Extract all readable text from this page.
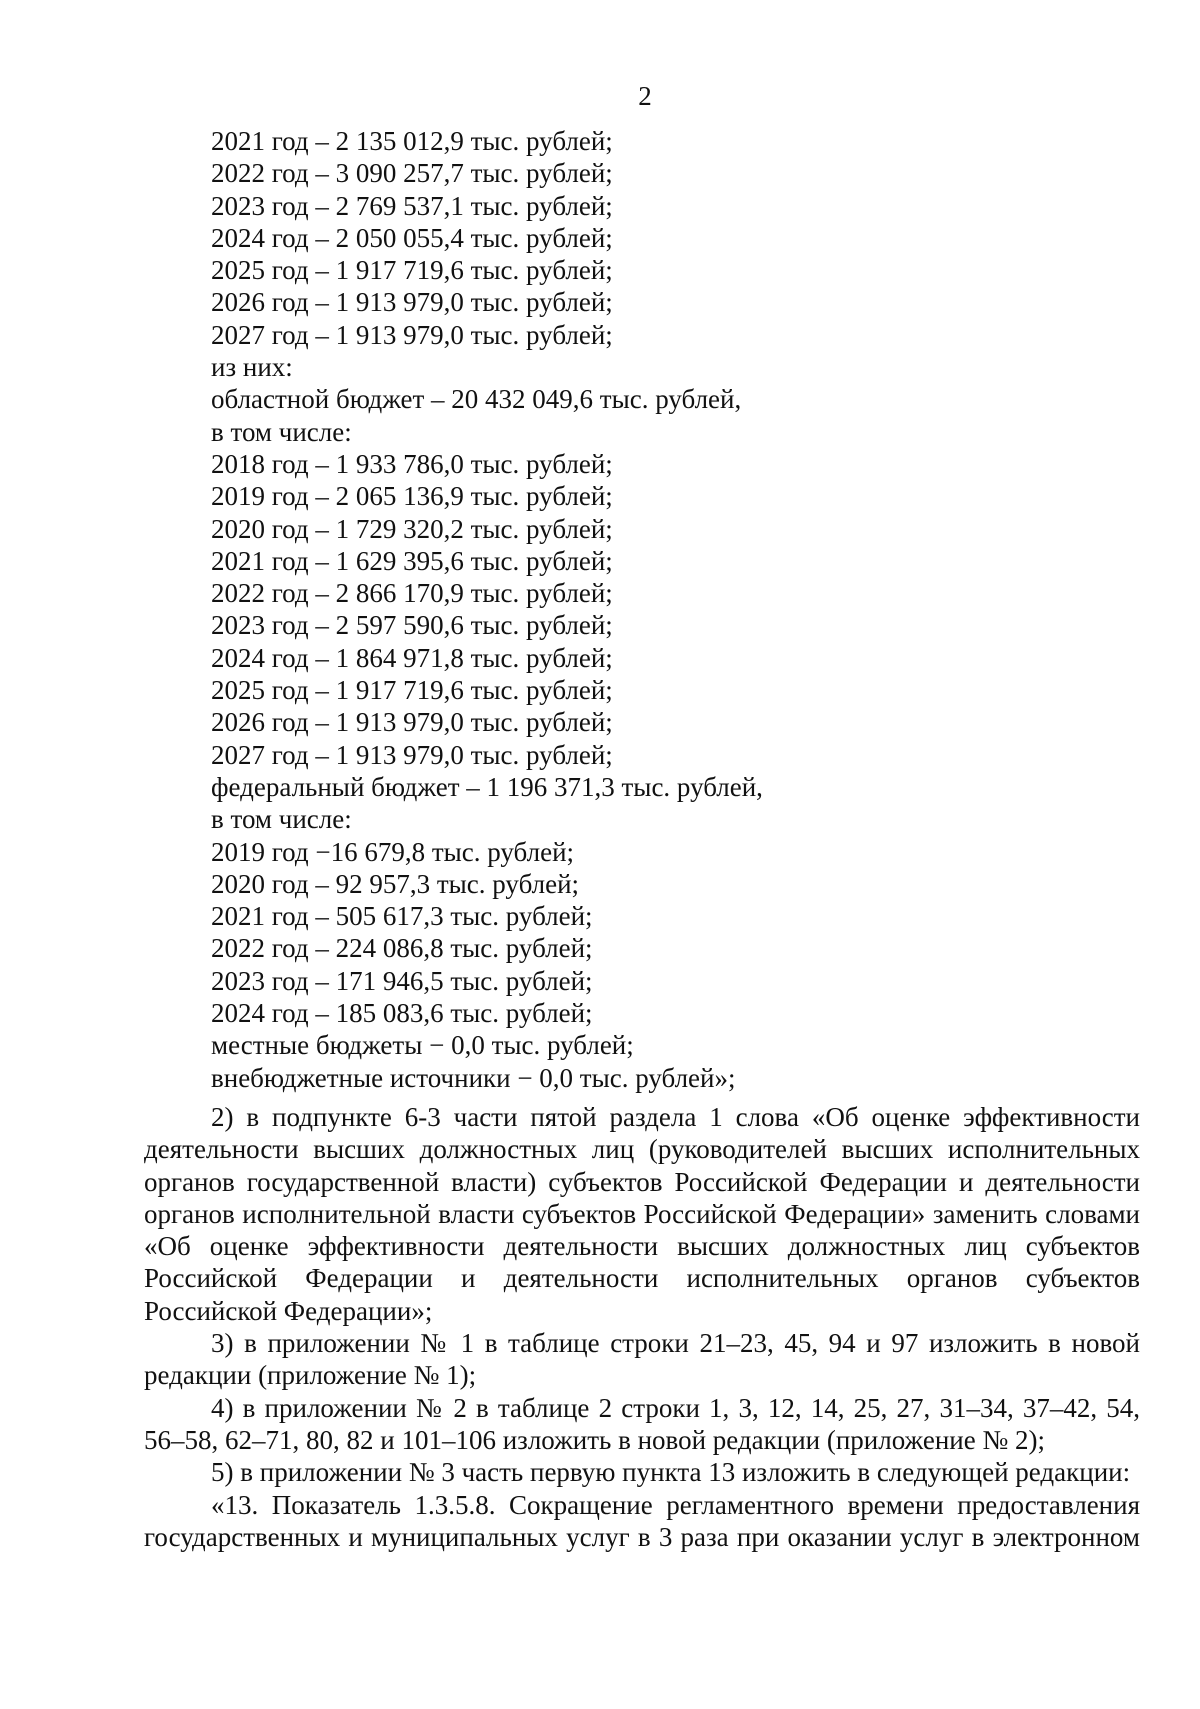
2
2021 год – 2 135 012,9 тыс. рублей;
2022 год – 3 090 257,7 тыс. рублей;
2023 год – 2 769 537,1 тыс. рублей;
2024 год – 2 050 055,4 тыс. рублей;
2025 год – 1 917 719,6 тыс. рублей;
2026 год – 1 913 979,0 тыс. рублей;
2027 год – 1 913 979,0 тыс. рублей;
из них:
областной бюджет – 20 432 049,6 тыс. рублей,
в том числе:
2018 год – 1 933 786,0 тыс. рублей;
2019 год – 2 065 136,9 тыс. рублей;
2020 год – 1 729 320,2 тыс. рублей;
2021 год – 1 629 395,6 тыс. рублей;
2022 год – 2 866 170,9 тыс. рублей;
2023 год – 2 597 590,6 тыс. рублей;
2024 год – 1 864 971,8 тыс. рублей;
2025 год – 1 917 719,6 тыс. рублей;
2026 год – 1 913 979,0 тыс. рублей;
2027 год – 1 913 979,0 тыс. рублей;
федеральный бюджет – 1 196 371,3 тыс. рублей,
в том числе:
2019 год −16 679,8 тыс. рублей;
2020 год – 92 957,3 тыс. рублей;
2021 год – 505 617,3 тыс. рублей;
2022 год – 224 086,8 тыс. рублей;
2023 год – 171 946,5 тыс. рублей;
2024 год – 185 083,6 тыс. рублей;
местные бюджеты − 0,0 тыс. рублей;
внебюджетные источники − 0,0 тыс. рублей»;

2) в подпункте 6-3 части пятой раздела 1 слова «Об оценке эффективности деятельности высших должностных лиц (руководителей высших исполнительных органов государственной власти) субъектов Российской Федерации и деятельности органов исполнительной власти субъектов Российской Федерации» заменить словами «Об оценке эффективности деятельности высших должностных лиц субъектов Российской Федерации и деятельности исполнительных органов субъектов Российской Федерации»;

3) в приложении № 1 в таблице строки 21–23, 45, 94 и 97 изложить в новой редакции (приложение № 1);

4) в приложении № 2 в таблице 2 строки 1, 3, 12, 14, 25, 27, 31–34, 37–42, 54, 56–58, 62–71, 80, 82 и 101–106 изложить в новой редакции (приложение № 2);

5) в приложении № 3 часть первую пункта 13 изложить в следующей редакции:

«13. Показатель 1.3.5.8. Сокращение регламентного времени предоставления государственных и муниципальных услуг в 3 раза при оказании услуг в электронном
